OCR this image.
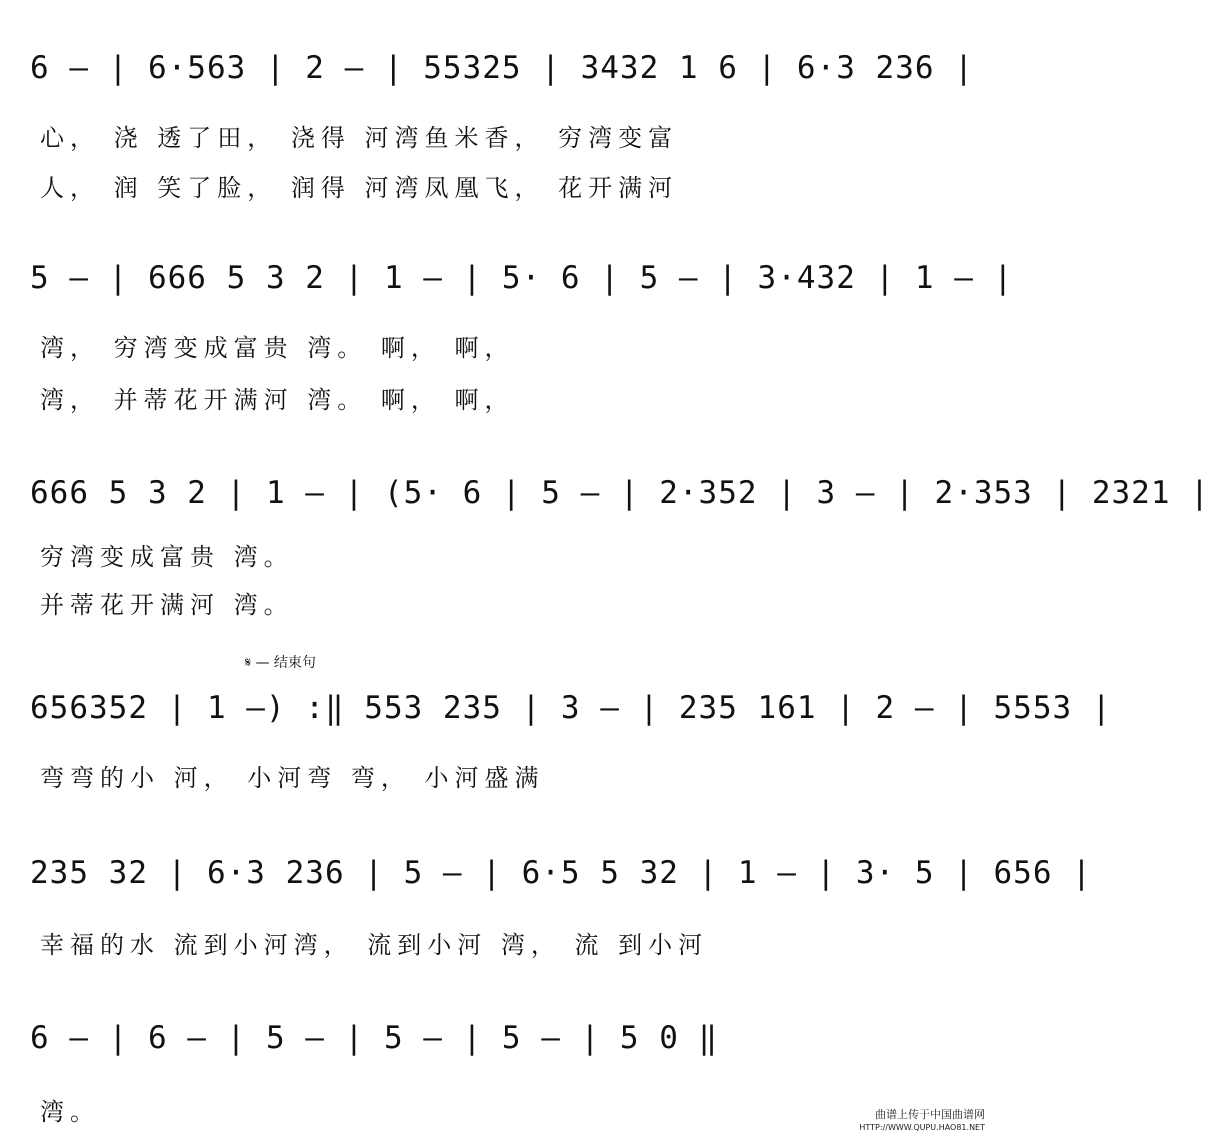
6 — | 6·563 | 2 — | 55325 | 3432 1 6 | 6·3 236 |
心， 浇 透了田， 浇得 河湾鱼米香， 穷湾变富
人， 润 笑了脸， 润得 河湾凤凰飞， 花开满河
5 — | 666 5 3 2 | 1 — | 5· 6 | 5 — | 3·432 | 1 — |
湾， 穷湾变成富贵 湾。 啊， 啊，
湾， 并蒂花开满河 湾。 啊， 啊，
666 5 3 2 | 1 — | (5· 6 | 5 — | 2·352 | 3 — | 2·353 | 2321 |
穷湾变成富贵 湾。
并蒂花开满河 湾。
𝄋 — 结束句
656352 | 1 —) :‖ 553 235 | 3 — | 235 161 | 2 — | 5553 |
弯弯的小 河， 小河弯 弯， 小河盛满
235 32 | 6·3 236 | 5 — | 6·5 5 32 | 1 — | 3· 5 | 656 |
幸福的水 流到小河湾， 流到小河 湾， 流 到小河
6 — | 6 — | 5 — | 5 — | 5 — | 5 0 ‖
湾。	曲谱上传于中国曲谱网
HTTP://WWW.QUPU.HAO81.NET
